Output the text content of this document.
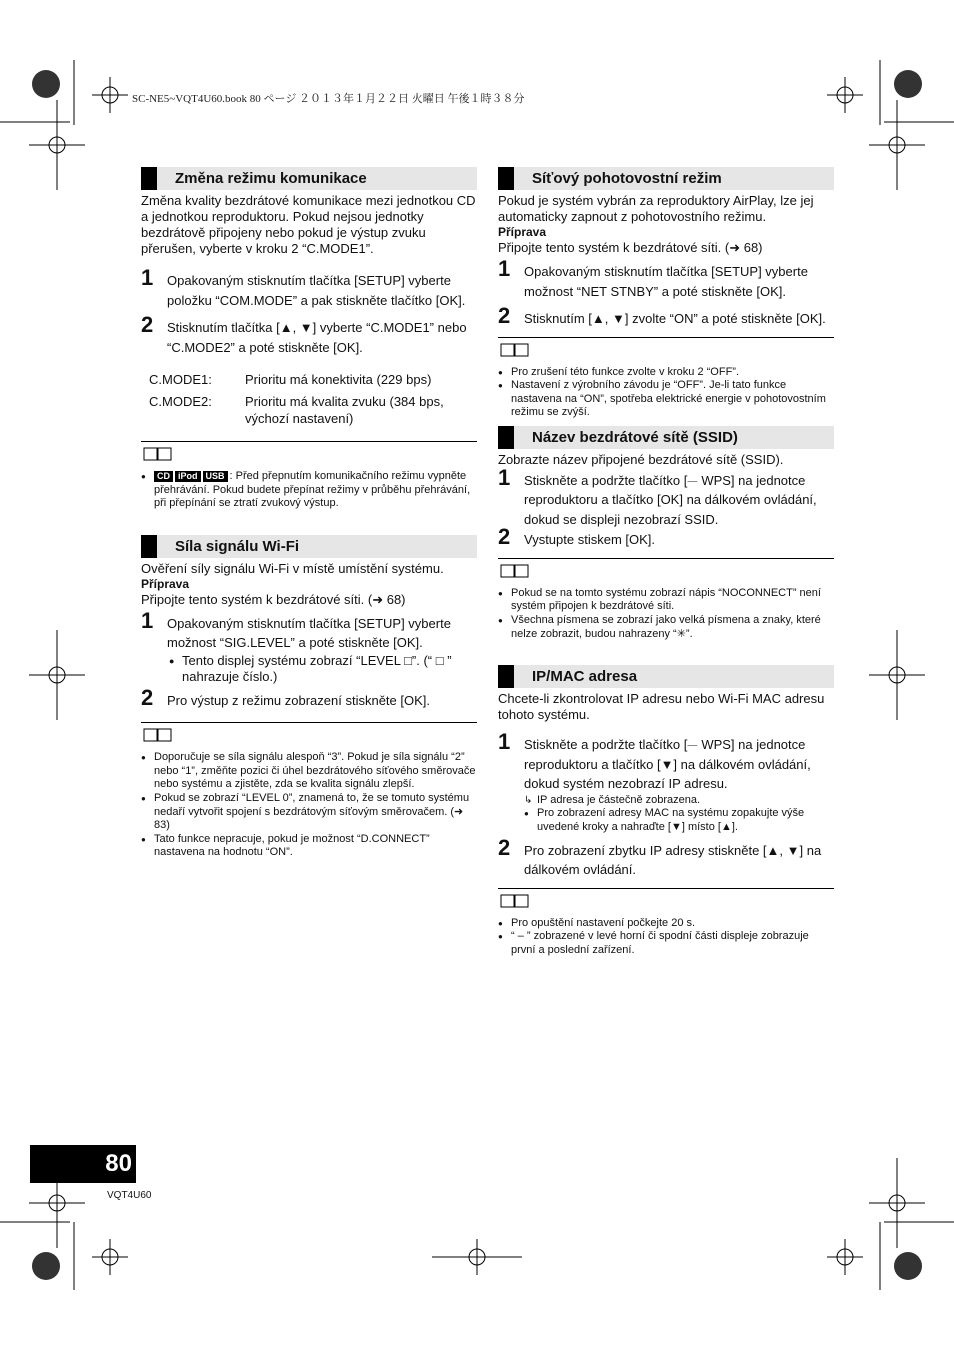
SC-NE5~VQT4U60.book 80 ページ ２０１３年１月２２日 火曜日 午後１時３８分
Změna režimu komunikace
Změna kvality bezdrátové komunikace mezi jednotkou CD a jednotkou reproduktoru. Pokud nejsou jednotky bezdrátově připojeny nebo pokud je výstup zvuku přerušen, vyberte v kroku 2 “C.MODE1”.
1 Opakovaným stisknutím tlačítka [SETUP] vyberte položku “COM.MODE” a pak stiskněte tlačítko [OK].
2 Stisknutím tlačítka [▲, ▼] vyberte “C.MODE1” nebo “C.MODE2” a poté stiskněte [OK].
C.MODE1:	Prioritu má konektivita (229 bps)
C.MODE2:	Prioritu má kvalita zvuku (384 bps, výchozí nastavení)
● CD iPod USB : Před přepnutím komunikačního režimu vypněte přehrávání. Pokud budete přepínat režimy v průběhu přehrávání, při přepínání se ztratí zvukový výstup.
Síla signálu Wi-Fi
Ověření síly signálu Wi-Fi v místě umístění systému.
Příprava
Připojte tento systém k bezdrátové síti. (➜ 68)
1 Opakovaným stisknutím tlačítka [SETUP] vyberte možnost “SIG.LEVEL” a poté stiskněte [OK].
● Tento displej systému zobrazí “LEVEL □”. (“ □ ” nahrazuje číslo.)
2 Pro výstup z režimu zobrazení stiskněte [OK].
● Doporučuje se síla signálu alespoň “3”. Pokud je síla signálu “2” nebo “1”, změňte pozici či úhel bezdrátového síťového směrovače nebo systému a zjistěte, zda se kvalita signálu zlepší.
● Pokud se zobrazí “LEVEL 0”, znamená to, že se tomuto systému nedaří vytvořit spojení s bezdrátovým síťovým směrovačem. (➜ 83)
● Tato funkce nepracuje, pokud je možnost “D.CONNECT” nastavena na hodnotu “ON”.
Síťový pohotovostní režim
Pokud je systém vybrán za reproduktory AirPlay, lze jej automaticky zapnout z pohotovostního režimu.
Příprava
Připojte tento systém k bezdrátové síti. (➜ 68)
1 Opakovaným stisknutím tlačítka [SETUP] vyberte možnost “NET STNBY” a poté stiskněte [OK].
2 Stisknutím [▲, ▼] zvolte “ON” a poté stiskněte [OK].
● Pro zrušení této funkce zvolte v kroku 2 “OFF”.
● Nastavení z výrobního závodu je “OFF”. Je-li tato funkce nastavena na “ON”, spotřeba elektrické energie v pohotovostním režimu se zvýší.
Název bezdrátové sítě (SSID)
Zobrazte název připojené bezdrátové sítě (SSID).
1 Stiskněte a podržte tlačítko [⏤ WPS] na jednotce reproduktoru a tlačítko [OK] na dálkovém ovládání, dokud se displeji nezobrazí SSID.
2 Vystupte stiskem [OK].
● Pokud se na tomto systému zobrazí nápis “NOCONNECT” není systém připojen k bezdrátové síti.
● Všechna písmena se zobrazí jako velká písmena a znaky, které nelze zobrazit, budou nahrazeny “✳”.
IP/MAC adresa
Chcete-li zkontrolovat IP adresu nebo Wi-Fi MAC adresu tohoto systému.
1 Stiskněte a podržte tlačítko [⏤ WPS] na jednotce reproduktoru a tlačítko [▼] na dálkovém ovládání, dokud systém nezobrazí IP adresu.
↳ IP adresa je částečně zobrazena.
● Pro zobrazení adresy MAC na systému zopakujte výše uvedené kroky a nahraďte [▼] místo [▲].
2 Pro zobrazení zbytku IP adresy stiskněte [▲, ▼] na dálkovém ovládání.
● Pro opuštění nastavení počkejte 20 s.
● “ – ” zobrazené v levé horní či spodní části displeje zobrazuje první a poslední zařízení.
80
VQT4U60
